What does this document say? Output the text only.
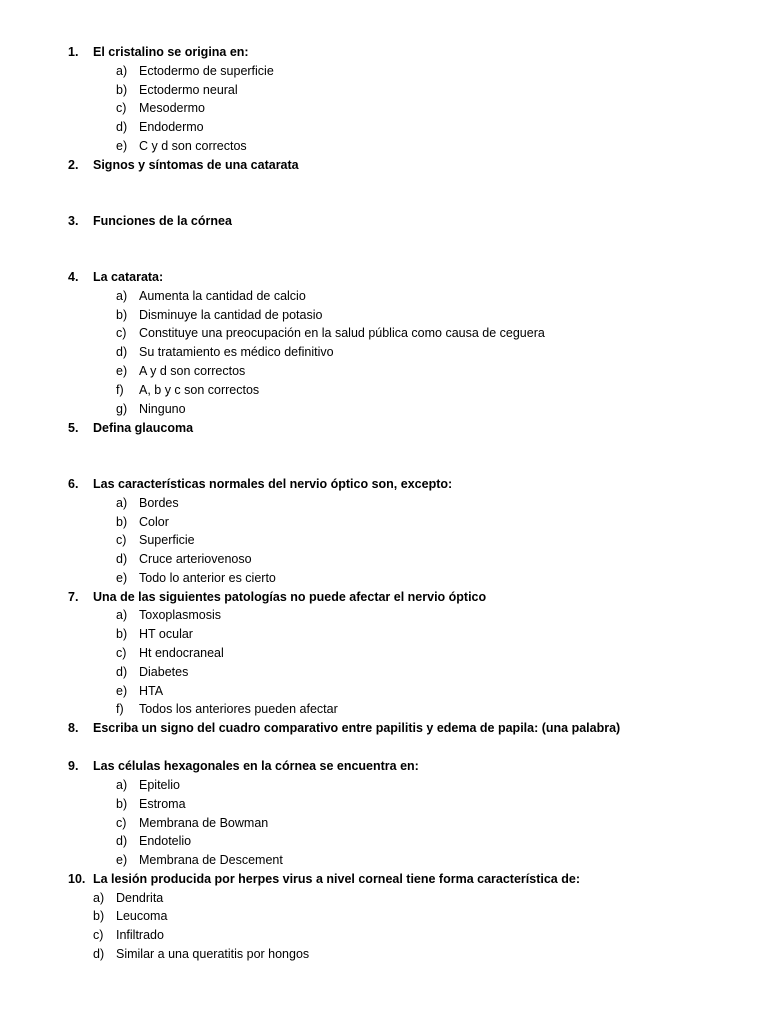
1.	El cristalino se origina en:
a) Ectodermo de superficie
b) Ectodermo neural
c)	Mesodermo
d) Endodermo
e) C y d son correctos
2.	Signos y síntomas de una catarata
3.	Funciones de la córnea
4.	La catarata:
a) Aumenta la cantidad de calcio
b) Disminuye la cantidad de potasio
c)	Constituye una preocupación en la salud pública como causa de ceguera
d) Su tratamiento es médico definitivo
e) A y d son correctos
f)	A, b y c son correctos
g) Ninguno
5.	Defina glaucoma
6.	Las características normales del nervio óptico son, excepto:
a) Bordes
b) Color
c)	Superficie
d) Cruce arteriovenoso
e) Todo lo anterior es cierto
7.	Una de las siguientes patologías no puede afectar el nervio óptico
a) Toxoplasmosis
b) HT ocular
c)	Ht endocraneal
d) Diabetes
e) HTA
f)	Todos los anteriores pueden afectar
8.	Escriba un signo del cuadro comparativo entre papilitis y edema de papila: (una palabra)
9.	Las células hexagonales en la córnea se encuentra en:
a) Epitelio
b) Estroma
c)	Membrana de Bowman
d) Endotelio
e) Membrana de Descement
10. La lesión producida por herpes virus a nivel corneal tiene forma característica de:
a) Dendrita
b) Leucoma
c)	Infiltrado
d) Similar a una queratitis por hongos
